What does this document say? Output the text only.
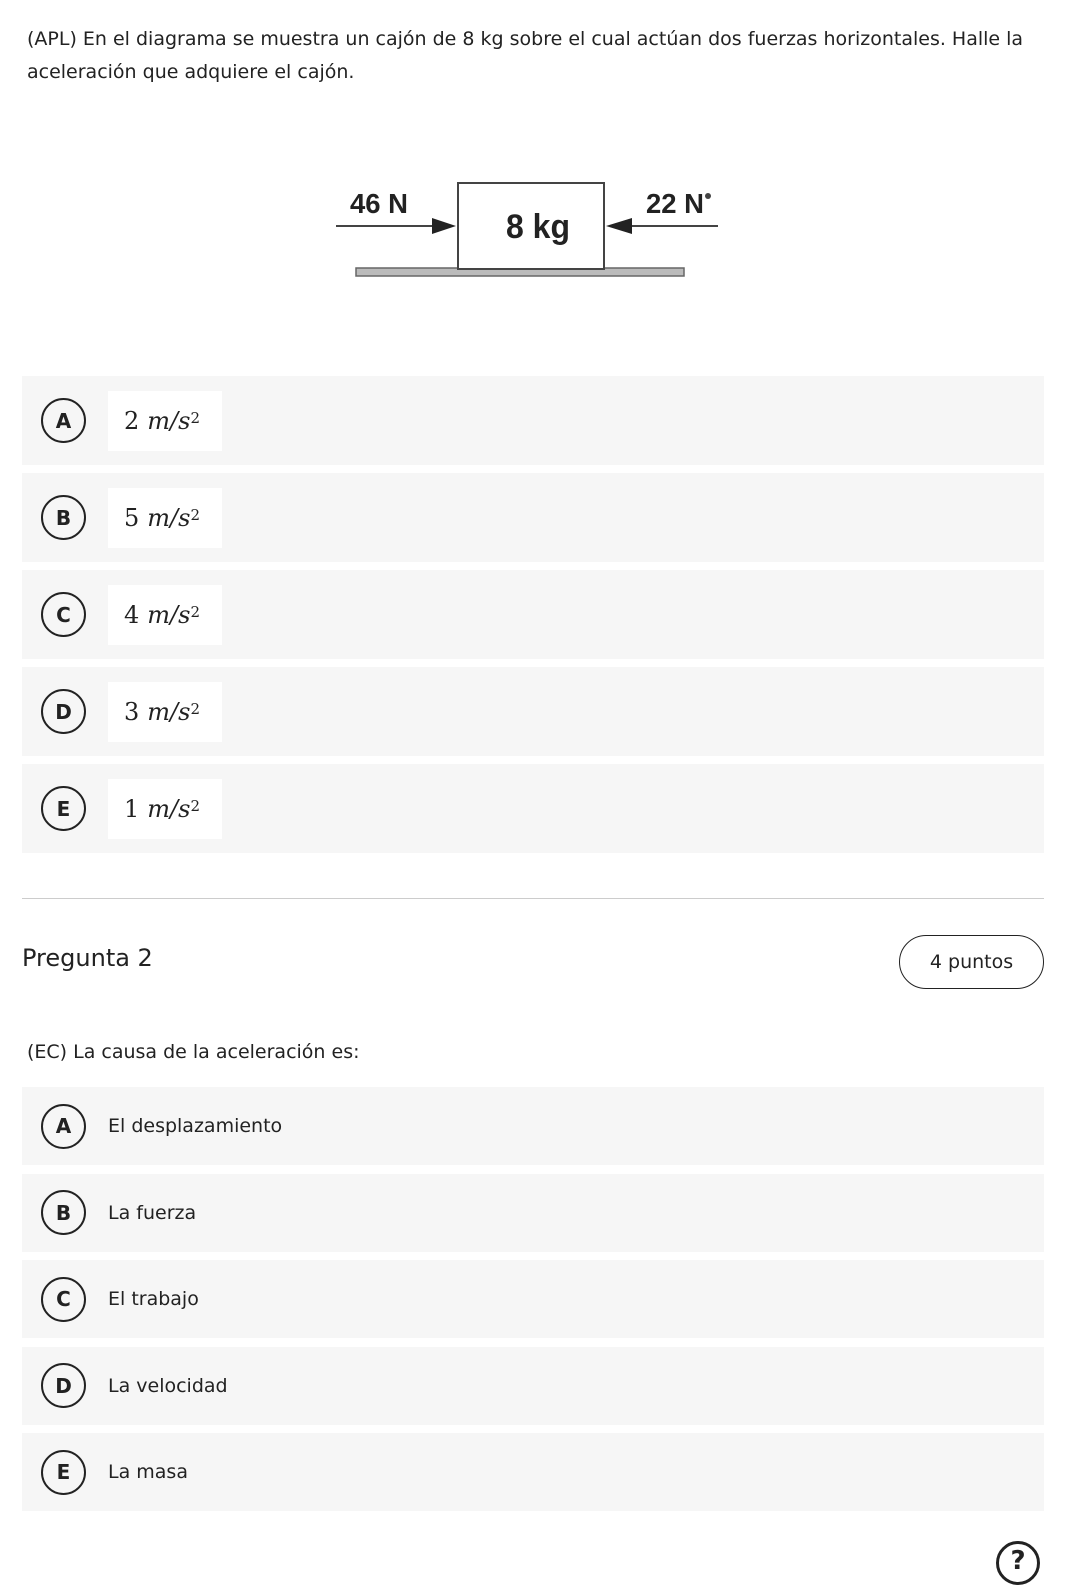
(APL) En el diagrama se muestra un cajón de 8 kg sobre el cual actúan dos fuerzas horizontales. Halle la aceleración que adquiere el cajón.

46 N	22 N
8 kg
A	2 $m/s^2$
B	5 $m/s^2$
C	4 $m/s^2$
D	3 $m/s^2$
E	1 $m/s^2$
Pregunta 2	4 puntos

(EC) La causa de la aceleración es:

A	El desplazamiento
B	La fuerza
C	El trabajo
D	La velocidad
E	La masa
?
